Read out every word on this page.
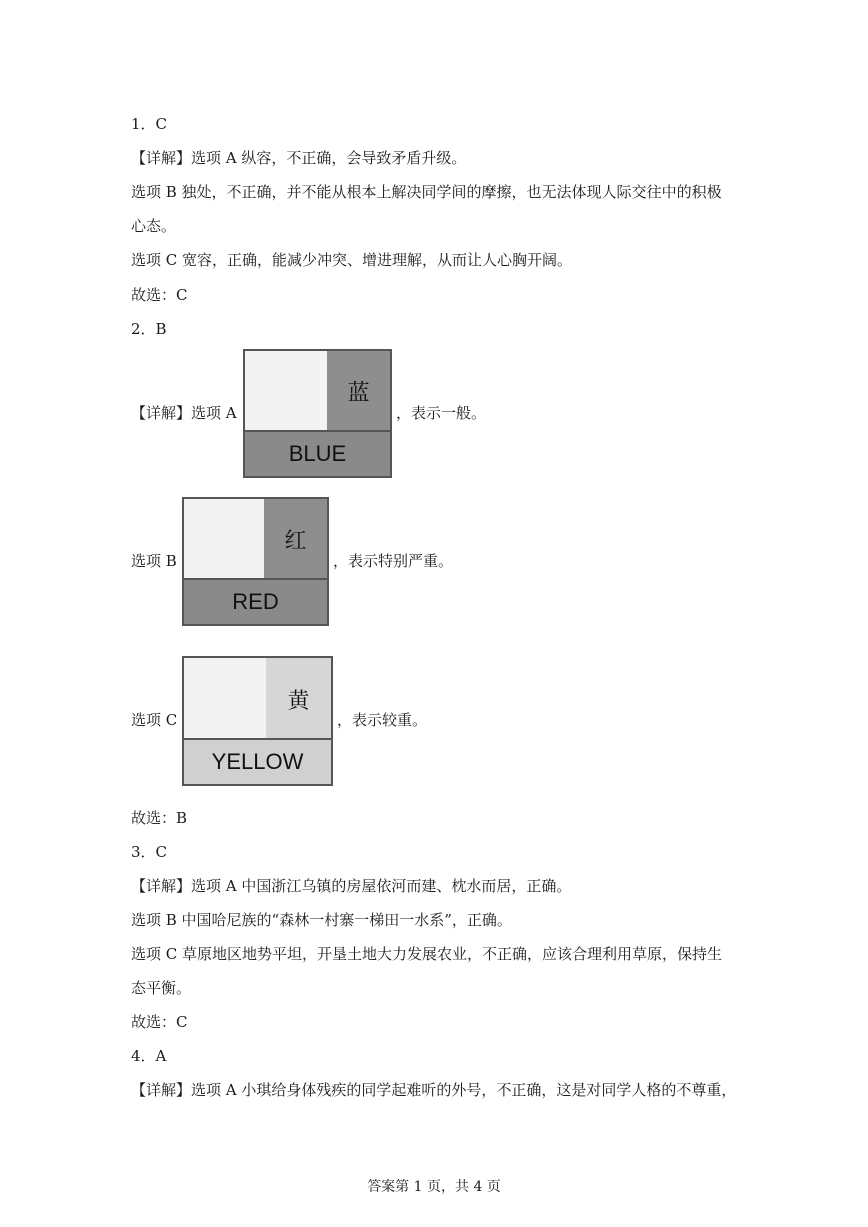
1．C
【详解】选项 A 纵容，不正确，会导致矛盾升级。
选项 B 独处，不正确，并不能从根本上解决同学间的摩擦，也无法体现人际交往中的积极
心态。
选项 C 宽容，正确，能减少冲突、增进理解，从而让人心胸开阔。
故选：C
2．B
【详解】选项 A
蓝
BLUE
，表示一般。
选项 B
红
RED
，表示特别严重。
选项 C
黄
YELLOW
，表示较重。
故选：B
3．C
【详解】选项 A 中国浙江乌镇的房屋依河而建、枕水而居，正确。
选项 B 中国哈尼族的“森林一村寨一梯田一水系”，正确。
选项 C 草原地区地势平坦，开垦土地大力发展农业，不正确，应该合理利用草原，保持生
态平衡。
故选：C
4．A
【详解】选项 A 小琪给身体残疾的同学起难听的外号，不正确，这是对同学人格的不尊重，
答案第 1 页，共 4 页
